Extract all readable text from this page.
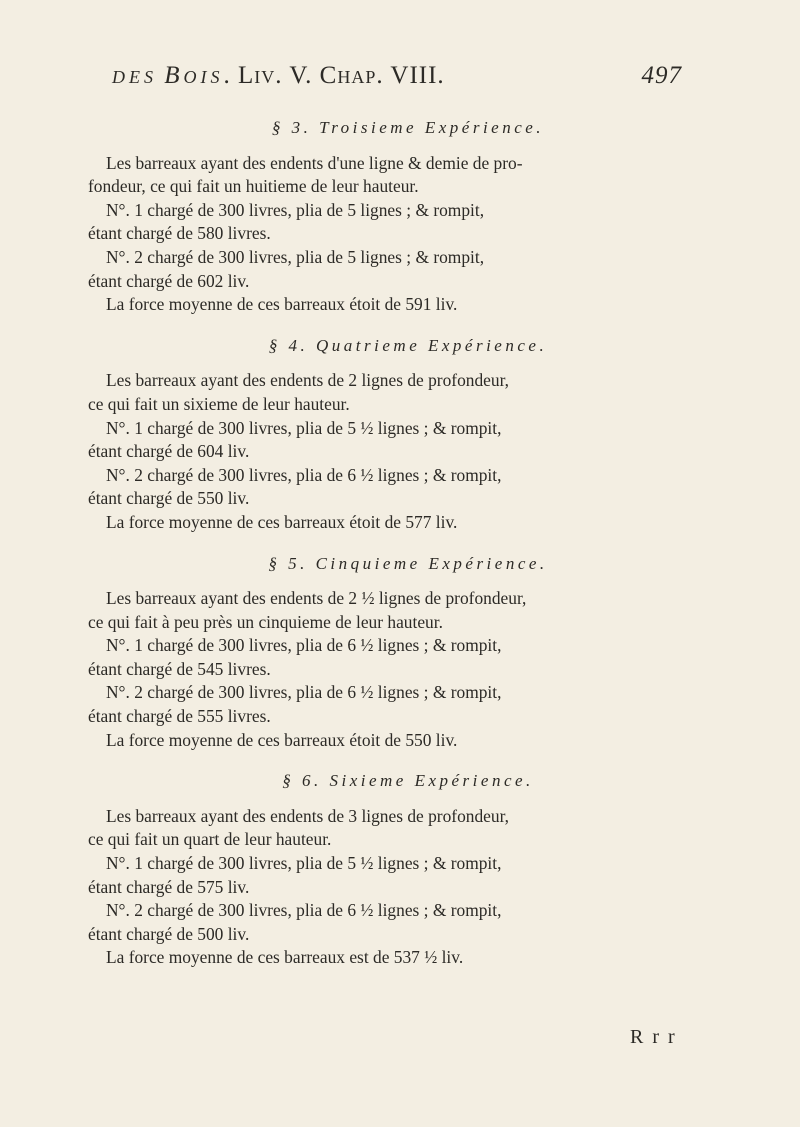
des Bois. Liv. V. Chap. VIII.	497
§ 3. Troisieme Expérience.
Les barreaux ayant des endents d'une ligne & demie de pro-
fondeur, ce qui fait un huitieme de leur hauteur.
N°. 1 chargé de 300 livres, plia de 5 lignes ; & rompit,
étant chargé de 580 livres.
N°. 2 chargé de 300 livres, plia de 5 lignes ; & rompit,
étant chargé de 602 liv.
La force moyenne de ces barreaux étoit de 591 liv.
§ 4. Quatrieme Expérience.
Les barreaux ayant des endents de 2 lignes de profondeur,
ce qui fait un sixieme de leur hauteur.
N°. 1 chargé de 300 livres, plia de 5 ½ lignes ; & rompit,
étant chargé de 604 liv.
N°. 2 chargé de 300 livres, plia de 6 ½ lignes ; & rompit,
étant chargé de 550 liv.
La force moyenne de ces barreaux étoit de 577 liv.
§ 5. Cinquieme Expérience.
Les barreaux ayant des endents de 2 ½ lignes de profondeur,
ce qui fait à peu près un cinquieme de leur hauteur.
N°. 1 chargé de 300 livres, plia de 6 ½ lignes ; & rompit,
étant chargé de 545 livres.
N°. 2 chargé de 300 livres, plia de 6 ½ lignes ; & rompit,
étant chargé de 555 livres.
La force moyenne de ces barreaux étoit de 550 liv.
§ 6. Sixieme Expérience.
Les barreaux ayant des endents de 3 lignes de profondeur,
ce qui fait un quart de leur hauteur.
N°. 1 chargé de 300 livres, plia de 5 ½ lignes ; & rompit,
étant chargé de 575 liv.
N°. 2 chargé de 300 livres, plia de 6 ½ lignes ; & rompit,
étant chargé de 500 liv.
La force moyenne de ces barreaux est de 537 ½ liv.
R r r
